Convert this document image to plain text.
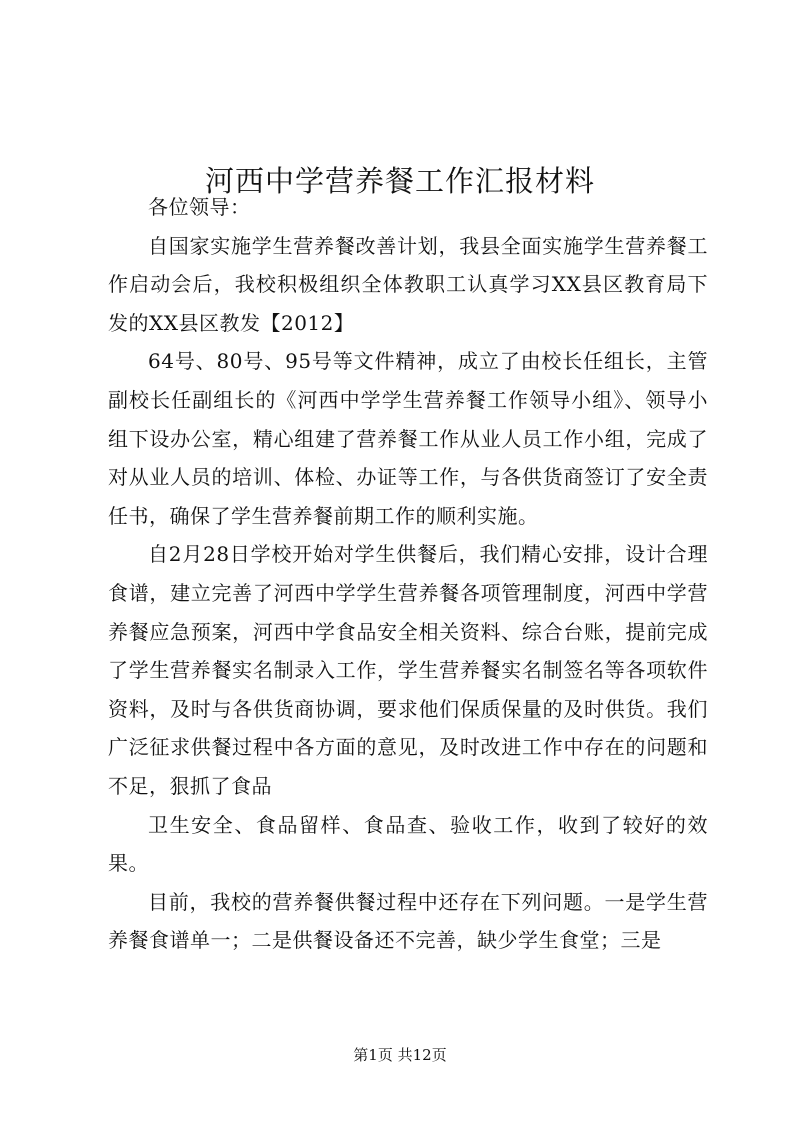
河西中学营养餐工作汇报材料

各位领导：

自国家实施学生营养餐改善计划，我县全面实施学生营养餐工作启动会后，我校积极组织全体教职工认真学习XX县区教育局下发的XX县区教发【2012】

64号、80号、95号等文件精神，成立了由校长任组长，主管副校长任副组长的《河西中学学生营养餐工作领导小组》、领导小组下设办公室，精心组建了营养餐工作从业人员工作小组，完成了对从业人员的培训、体检、办证等工作，与各供货商签订了安全责任书，确保了学生营养餐前期工作的顺利实施。

自2月28日学校开始对学生供餐后，我们精心安排，设计合理食谱，建立完善了河西中学学生营养餐各项管理制度，河西中学营养餐应急预案，河西中学食品安全相关资料、综合台账，提前完成了学生营养餐实名制录入工作，学生营养餐实名制签名等各项软件资料，及时与各供货商协调，要求他们保质保量的及时供货。我们广泛征求供餐过程中各方面的意见，及时改进工作中存在的问题和不足，狠抓了食品

卫生安全、食品留样、食品查、验收工作，收到了较好的效果。

目前，我校的营养餐供餐过程中还存在下列问题。一是学生营养餐食谱单一；二是供餐设备还不完善，缺少学生食堂；三是

第1页 共12页
